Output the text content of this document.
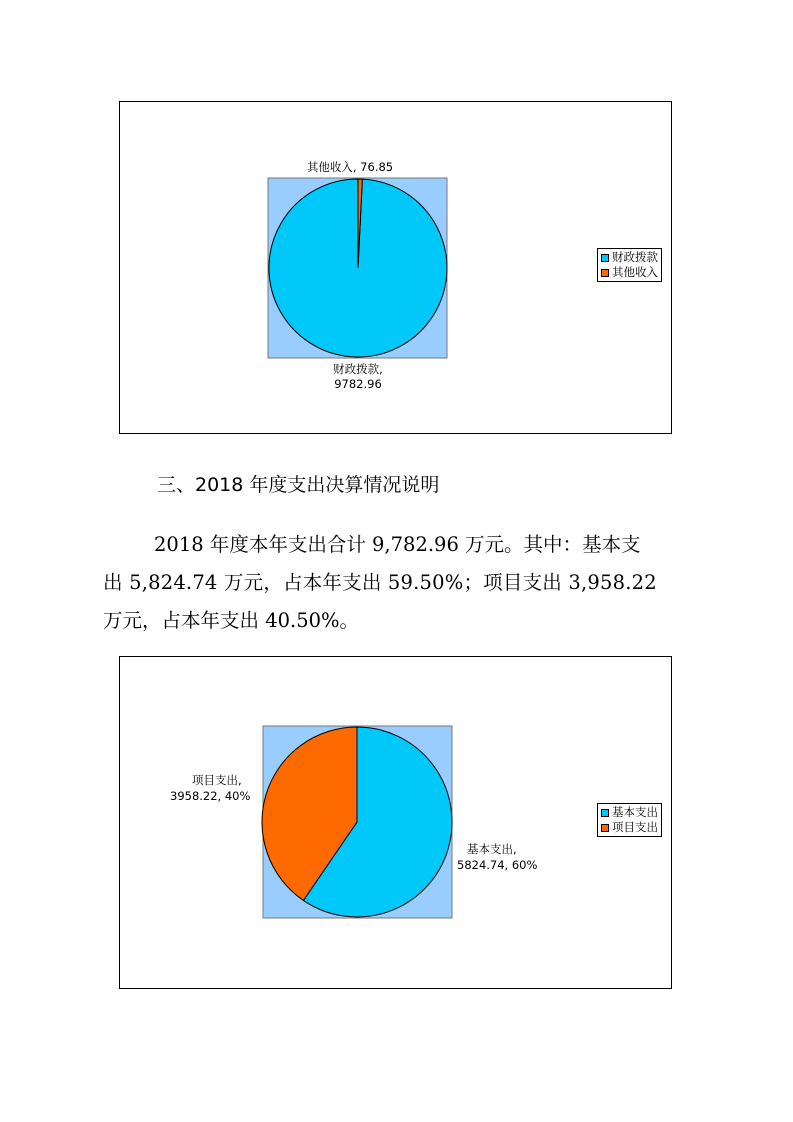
其他收入, 76.85
财政拨款,
9782.96
财政拨款
其他收入
三、2018 年度支出决算情况说明
2018 年度本年支出合计 9,782.96 万元。其中：基本支
出 5,824.74 万元，占本年支出 59.50%；项目支出 3,958.22
万元，占本年支出 40.50%。
项目支出,
3958.22, 40%
基本支出,
5824.74, 60%
基本支出
项目支出
